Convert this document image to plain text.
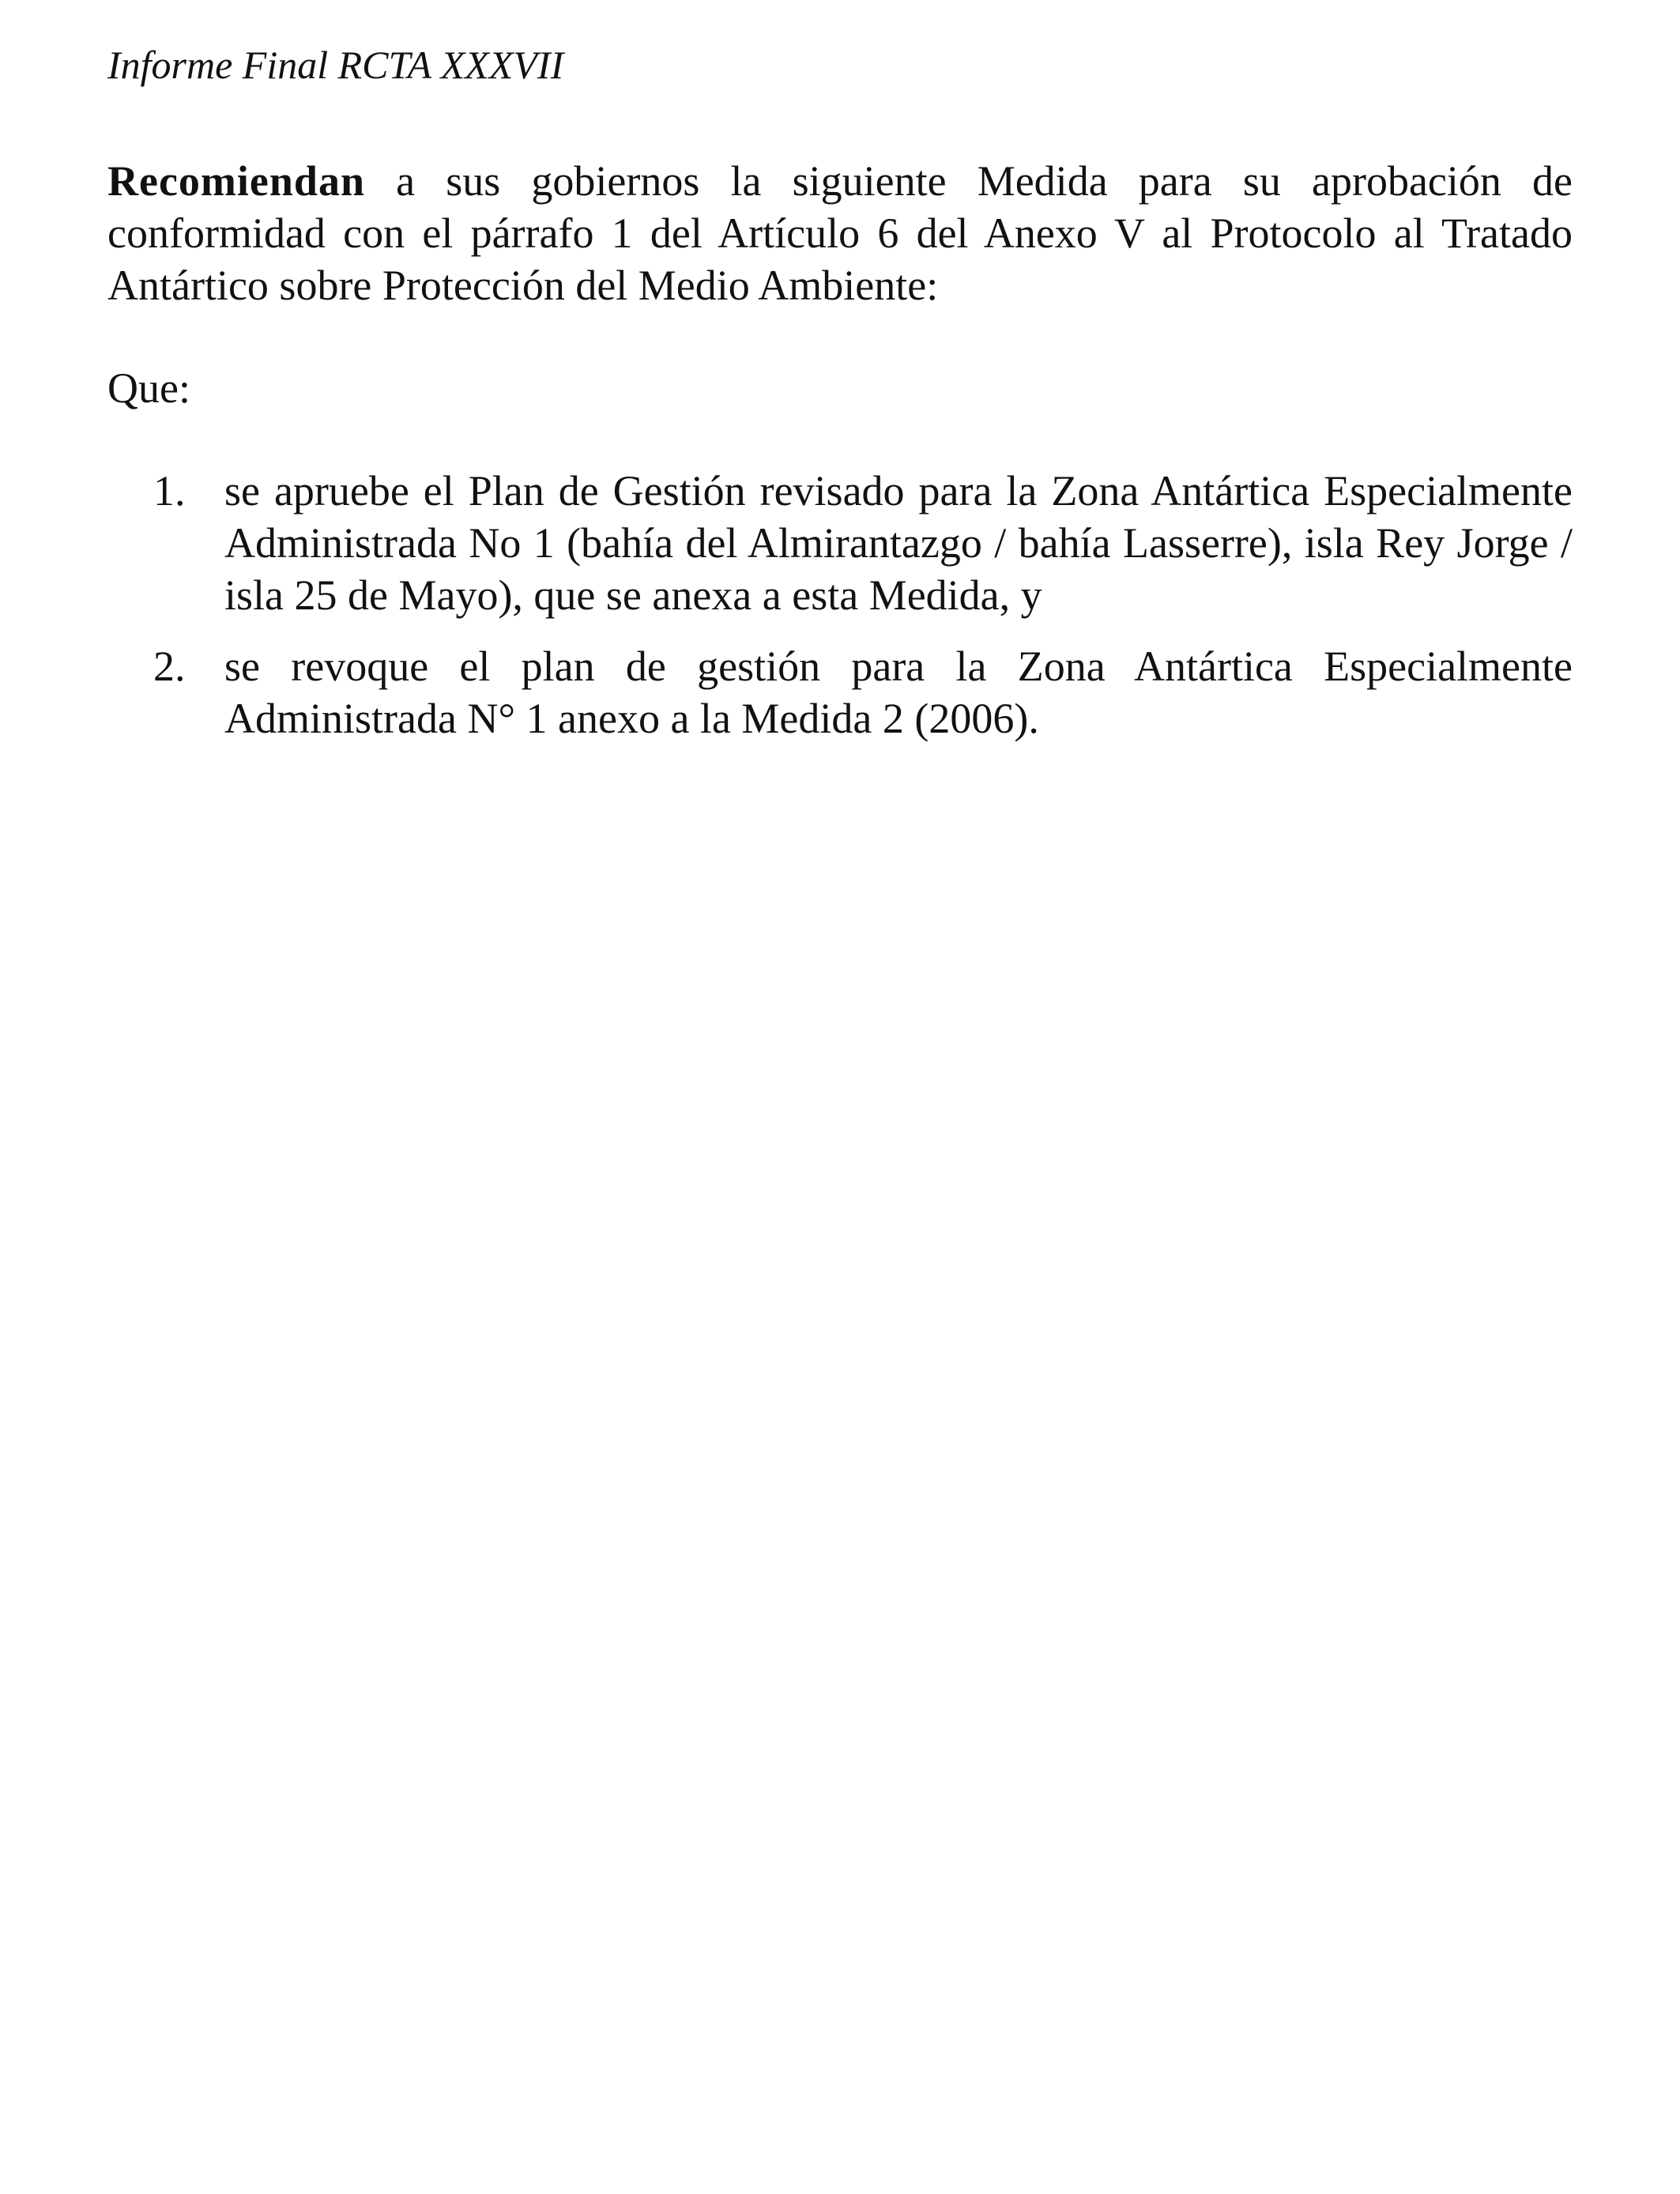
Informe Final RCTA XXXVII

Recomiendan a sus gobiernos la siguiente Medida para su aprobación de conformidad con el párrafo 1 del Artículo 6 del Anexo V al Protocolo al Tratado Antártico sobre Protección del Medio Ambiente:

Que:

1. se apruebe el Plan de Gestión revisado para la Zona Antártica Especialmente Administrada No 1 (bahía del Almirantazgo / bahía Lasserre), isla Rey Jorge / isla 25 de Mayo), que se anexa a esta Medida, y
2. se revoque el plan de gestión para la Zona Antártica Especialmente Administrada N° 1 anexo a la Medida 2 (2006).
